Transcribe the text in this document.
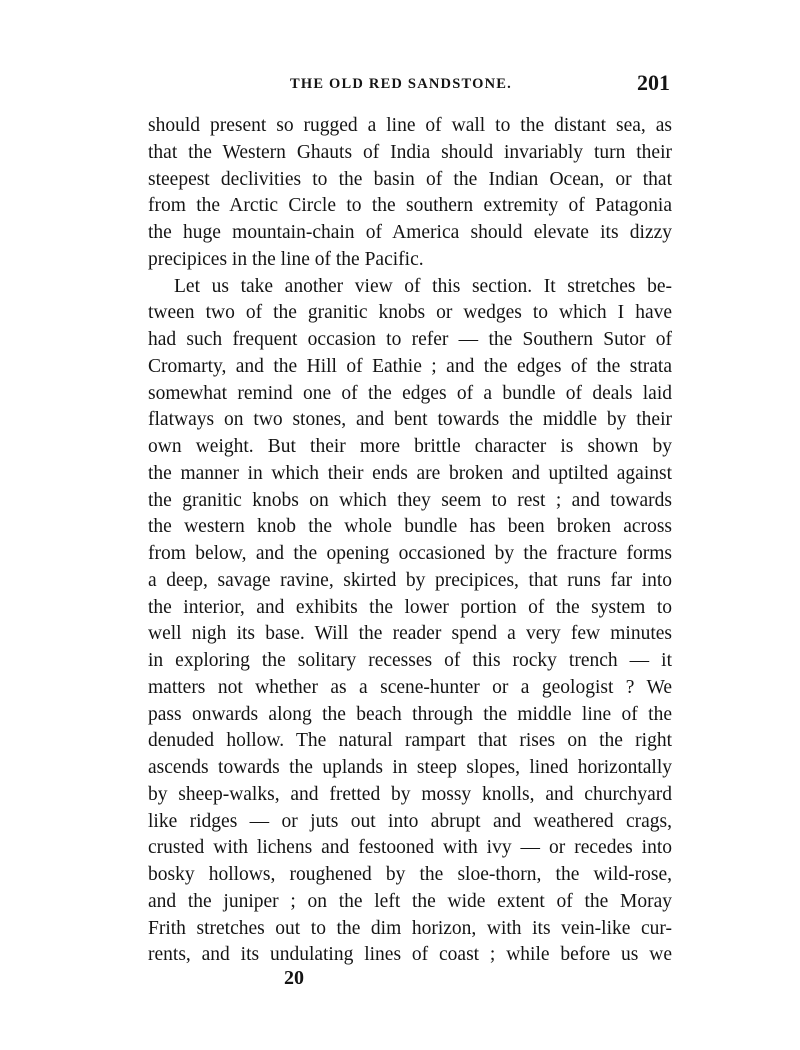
THE OLD RED SANDSTONE.	201
should present so rugged a line of wall to the distant sea, as
that the Western Ghauts of India should invariably turn their
steepest declivities to the basin of the Indian Ocean, or that
from the Arctic Circle to the southern extremity of Patagonia
the huge mountain-chain of America should elevate its dizzy
precipices in the line of the Pacific.
Let us take another view of this section. It stretches be-
tween two of the granitic knobs or wedges to which I have
had such frequent occasion to refer — the Southern Sutor of
Cromarty, and the Hill of Eathie ; and the edges of the strata
somewhat remind one of the edges of a bundle of deals laid
flatways on two stones, and bent towards the middle by their
own weight. But their more brittle character is shown by
the manner in which their ends are broken and uptilted against
the granitic knobs on which they seem to rest ; and towards
the western knob the whole bundle has been broken across
from below, and the opening occasioned by the fracture forms
a deep, savage ravine, skirted by precipices, that runs far into
the interior, and exhibits the lower portion of the system to
well nigh its base. Will the reader spend a very few minutes
in exploring the solitary recesses of this rocky trench — it
matters not whether as a scene-hunter or a geologist ? We
pass onwards along the beach through the middle line of the
denuded hollow. The natural rampart that rises on the right
ascends towards the uplands in steep slopes, lined horizontally
by sheep-walks, and fretted by mossy knolls, and churchyard
like ridges — or juts out into abrupt and weathered crags,
crusted with lichens and festooned with ivy — or recedes into
bosky hollows, roughened by the sloe-thorn, the wild-rose,
and the juniper ; on the left the wide extent of the Moray
Frith stretches out to the dim horizon, with its vein-like cur-
rents, and its undulating lines of coast ; while before us we
20
